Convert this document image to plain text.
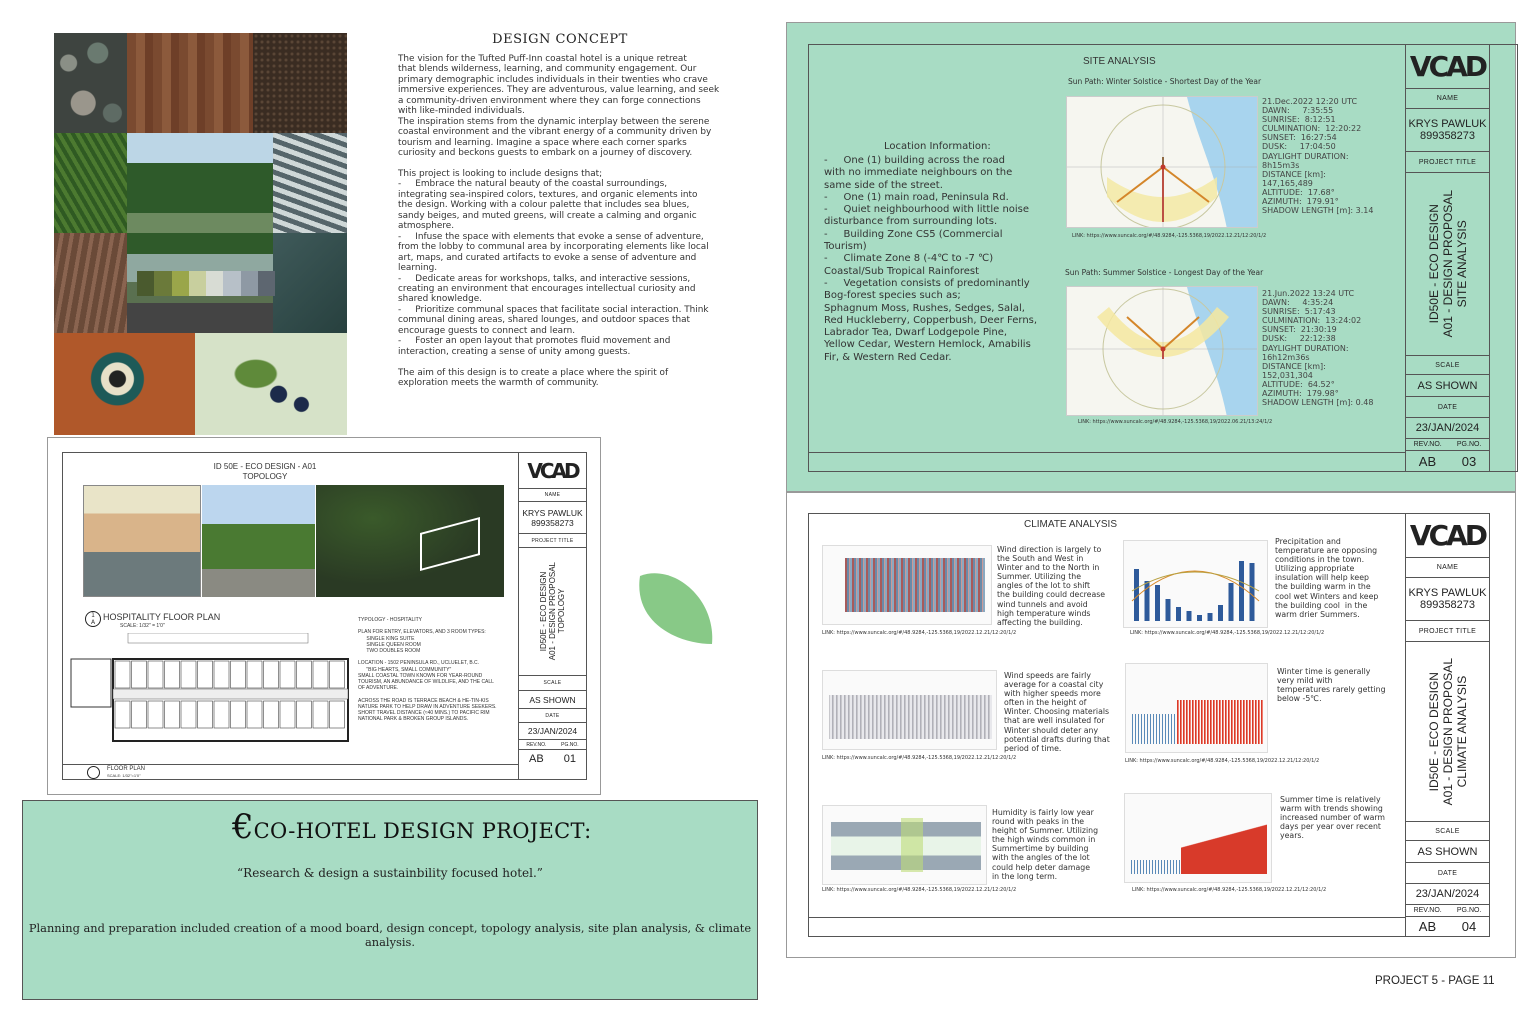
DESIGN CONCEPT
The vision for the Tufted Puff-Inn coastal hotel is a unique retreat
that blends wilderness, learning, and community engagement. Our
primary demographic includes individuals in their twenties who crave
immersive experiences. They are adventurous, value learning, and seek
a community-driven environment where they can forge connections
with like-minded individuals.
The inspiration stems from the dynamic interplay between the serene
coastal environment and the vibrant energy of a community driven by
tourism and learning. Imagine a space where each corner sparks
curiosity and beckons guests to embark on a journey of discovery.

This project is looking to include designs that;
-     Embrace the natural beauty of the coastal surroundings,
integrating sea-inspired colors, textures, and organic elements into
the design. Working with a colour palette that includes sea blues,
sandy beiges, and muted greens, will create a calming and organic
atmosphere.
-     Infuse the space with elements that evoke a sense of adventure,
from the lobby to communal area by incorporating elements like local
art, maps, and curated artifacts to evoke a sense of adventure and
learning.
-     Dedicate areas for workshops, talks, and interactive sessions,
creating an environment that encourages intellectual curiosity and
shared knowledge.
-     Prioritize communal spaces that facilitate social interaction. Think
communal dining areas, shared lounges, and outdoor spaces that
encourage guests to connect and learn.
-     Foster an open layout that promotes fluid movement and
interaction, creating a sense of unity among guests.

The aim of this design is to create a place where the spirit of
exploration meets the warmth of community.
ID 50E - ECO DESIGN - A01
TOPOLOGY
1
A
HOSPITALITY FLOOR PLAN
SCALE: 1/32" = 1'0"
TYPOLOGY - HOSPITALITY

PLAN FOR ENTRY, ELEVATORS, AND 3 ROOM TYPES:
SINGLE KING SUITE
SINGLE QUEEN ROOM
TWO DOUBLES ROOM

LOCATION - 1502 PENINSULA RD., UCLUELET, B.C.
"BIG HEARTS, SMALL COMMUNITY"
SMALL COASTAL TOWN KNOWN FOR YEAR-ROUND
TOURISM, AN ABUNDANCE OF WILDLIFE, AND THE CALL
OF ADVENTURE.

ACROSS THE ROAD IS TERRACE BEACH & HE-TIN-KIS
NATURE PARK TO HELP DRAW IN ADVENTURE SEEKERS.
SHORT TRAVEL DISTANCE (≈40 MINS.) TO PACIFIC RIM
NATIONAL PARK & BROKEN GROUP ISLANDS.
FLOOR PLAN
SCALE: 1/32"=1'0"
VCAD
NAME
KRYS PAWLUK
899358273
PROJECT TITLE
ID50E - ECO DESIGN
A01 - DESIGN PROPOSAL
TOPOLOGY
SCALE
AS SHOWN
DATE
23/JAN/2024
REV.NO.	PG.NO.
AB 01
SITE ANALYSIS
Sun Path: Winter Solstice - Shortest Day of the Year
Sun Path: Summer Solstice - Longest Day of the Year
Location Information:
-     One (1) building across the road
with no immediate neighbours on the
same side of the street.
-     One (1) main road, Peninsula Rd.
-     Quiet neighbourhood with little noise
disturbance from surrounding lots.
-     Building Zone CS5 (Commercial
Tourism)
-     Climate Zone 8 (-4℃ to -7 ℃)
Coastal/Sub Tropical Rainforest
-     Vegetation consists of predominantly
Bog-forest species such as;
Sphagnum Moss, Rushes, Sedges, Salal,
Red Huckleberry, Copperbush, Deer Ferns,
Labrador Tea, Dwarf Lodgepole Pine,
Yellow Cedar, Western Hemlock, Amabilis
Fir, & Western Red Cedar.
LINK: https://www.suncalc.org/#/48.9284,-125.5368,19/2022.12.21/12:20/1/2
21.Dec.2022 12:20 UTC
DAWN:     7:35:55
SUNRISE:  8:12:51
CULMINATION:  12:20:22
SUNSET:  16:27:54
DUSK:     17:04:50
DAYLIGHT DURATION:
8h15m3s
DISTANCE [km]:
147,165,489
ALTITUDE:  17.68°
AZIMUTH:  179.91°
SHADOW LENGTH [m]: 3.14
LINK: https://www.suncalc.org/#/48.9284,-125.5368,19/2022.06.21/13:24/1/2
21.Jun.2022 13:24 UTC
DAWN:     4:35:24
SUNRISE:  5:17:43
CULMINATION:  13:24:02
SUNSET:  21:30:19
DUSK:     22:12:38
DAYLIGHT DURATION:
16h12m36s
DISTANCE [km]:
152,031,304
ALTITUDE:  64.52°
AZIMUTH:  179.98°
SHADOW LENGTH [m]: 0.48
VCAD
NAME
KRYS PAWLUK
899358273
PROJECT TITLE
ID50E - ECO DESIGN
A01 - DESIGN PROPOSAL
SITE ANALYSIS
SCALE
AS SHOWN
DATE
23/JAN/2024
REV.NO. PG.NO.
AB 03
CLIMATE ANALYSIS
LINK: https://www.suncalc.org/#/48.9284,-125.5368,19/2022.12.21/12:20/1/2
Wind direction is largely to
the South and West in
Winter and to the North in
Summer. Utilizing the
angles of the lot to shift
the building could decrease
wind tunnels and avoid
high temperature winds
affecting the building.
LINK: https://www.suncalc.org/#/48.9284,-125.5368,19/2022.12.21/12:20/1/2
Precipitation and
temperature are opposing
conditions in the town.
Utilizing appropriate
insulation will help keep
the building warm in the
cool wet Winters and keep
the building cool  in the
warm drier Summers.
LINK: https://www.suncalc.org/#/48.9284,-125.5368,19/2022.12.21/12:20/1/2
Wind speeds are fairly
average for a coastal city
with higher speeds more
often in the height of
Winter. Choosing materials
that are well insulated for
Winter should deter any
potential drafts during that
period of time.
LINK: https://www.suncalc.org/#/48.9284,-125.5368,19/2022.12.21/12:20/1/2
Winter time is generally
very mild with
temperatures rarely getting
below -5℃.
LINK: https://www.suncalc.org/#/48.9284,-125.5368,19/2022.12.21/12:20/1/2
Humidity is fairly low year
round with peaks in the
height of Summer. Utilizing
the high winds common in
Summertime by building
with the angles of the lot
could help deter damage
in the long term.
LINK: https://www.suncalc.org/#/48.9284,-125.5368,19/2022.12.21/12:20/1/2
Summer time is relatively
warm with trends showing
increased number of warm
days per year over recent
years.
VCAD
NAME
KRYS PAWLUK
899358273
PROJECT TITLE
ID50E - ECO DESIGN
A01 - DESIGN PROPOSAL
CLIMATE ANALYSIS
SCALE
AS SHOWN
DATE
23/JAN/2024
REV.NO. PG.NO.
AB 04
€ CO-HOTEL DESIGN PROJECT:
“Research & design a sustainbility focused hotel.”
Planning and preparation included creation of a mood board, design concept, topology analysis, site plan analysis, & climate analysis.
PROJECT 5 - PAGE 11
